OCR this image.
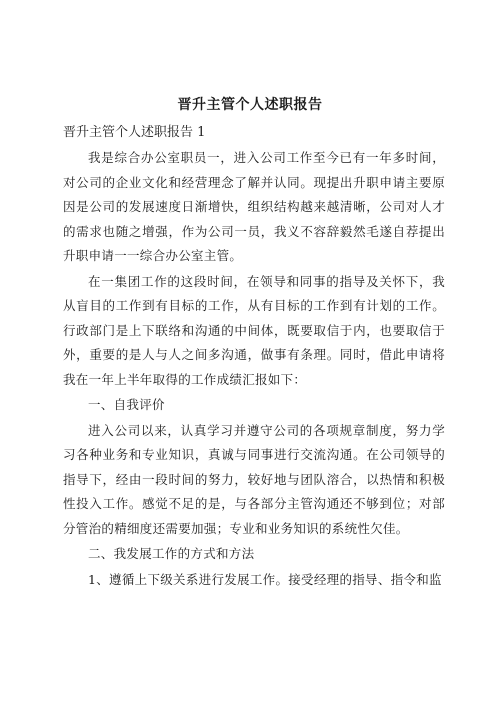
晋升主管个人述职报告

晋升主管个人述职报告 1

我是综合办公室职员一，进入公司工作至今已有一年多时间，对公司的企业文化和经营理念了解并认同。现提出升职申请主要原因是公司的发展速度日渐增快，组织结构越来越清晰，公司对人才的需求也随之增强，作为公司一员，我义不容辞毅然毛遂自荐提出升职申请一一综合办公室主管。

在一集团工作的这段时间，在领导和同事的指导及关怀下，我从盲目的工作到有目标的工作，从有目标的工作到有计划的工作。行政部门是上下联络和沟通的中间体，既要取信于内，也要取信于外，重要的是人与人之间多沟通，做事有条理。同时，借此申请将我在一年上半年取得的工作成绩汇报如下：

一、自我评价

进入公司以来，认真学习并遵守公司的各项规章制度，努力学习各种业务和专业知识，真诚与同事进行交流沟通。在公司领导的指导下，经由一段时间的努力，较好地与团队溶合，以热情和积极性投入工作。感觉不足的是，与各部分主管沟通还不够到位；对部分管治的精细度还需要加强；专业和业务知识的系统性欠佳。

二、我发展工作的方式和方法

1、遵循上下级关系进行发展工作。接受经理的指导、指令和监
